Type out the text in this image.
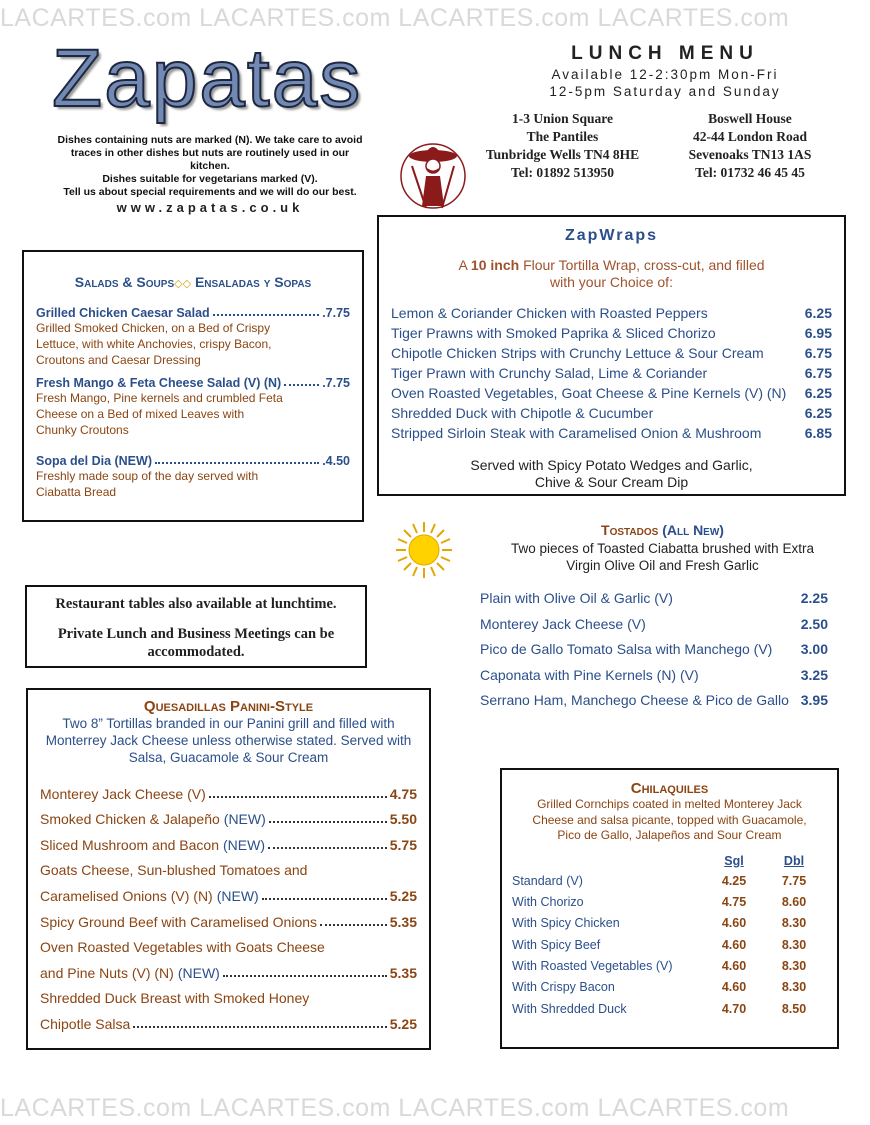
LACARTES.com LACARTES.com LACARTES.com LACARTES.com
LACARTES.com LACARTES.com LACARTES.com LACARTES.com
Zapatas
Dishes containing nuts are marked (N). We take care to avoid
traces in other dishes but nuts are routinely used in our
kitchen.
Dishes suitable for vegetarians marked (V).
Tell us about special requirements and we will do our best.
www.zapatas.co.uk
LUNCH MENU
Available 12-2:30pm Mon-Fri
12-5pm Saturday and Sunday
1-3 Union Square
The Pantiles
Tunbridge Wells TN4 8HE
Tel: 01892 513950
Boswell House
42-44 London Road
Sevenoaks TN13 1AS
Tel: 01732 46 45 45
Salads & Soups◇◇ Ensaladas y Sopas
Grilled Chicken Caesar Salad	.7.75
Grilled Smoked Chicken, on a Bed of Crispy
Lettuce, with white Anchovies, crispy Bacon,
Croutons and Caesar Dressing
Fresh Mango & Feta Cheese Salad (V) (N)	.7.75
Fresh Mango, Pine kernels and crumbled Feta
Cheese on a Bed of mixed Leaves with
Chunky Croutons
Sopa del Dia (NEW)	.4.50
Freshly made soup of the day served with
Ciabatta Bread
ZapWraps
A 10 inch Flour Tortilla Wrap, cross-cut, and filled
with your Choice of:
Lemon & Coriander Chicken with Roasted Peppers	6.25
Tiger Prawns with Smoked Paprika & Sliced Chorizo	6.95
Chipotle Chicken Strips with Crunchy Lettuce & Sour Cream	6.75
Tiger Prawn with Crunchy Salad, Lime & Coriander	6.75
Oven Roasted Vegetables, Goat Cheese & Pine Kernels (V) (N) 6.25
Shredded Duck with Chipotle & Cucumber	6.25
Stripped Sirloin Steak with Caramelised Onion & Mushroom	6.85
Served with Spicy Potato Wedges and Garlic,
Chive & Sour Cream Dip
Tostados (All New)
Two pieces of Toasted Ciabatta brushed with Extra
Virgin Olive Oil and Fresh Garlic
Plain with Olive Oil & Garlic (V)	2.25
Monterey Jack Cheese (V)	2.50
Pico de Gallo Tomato Salsa with Manchego (V) 3.00
Caponata with Pine Kernels (N) (V)	3.25
Serrano Ham, Manchego Cheese & Pico de Gallo 3.95
Restaurant tables also available at lunchtime.
Private Lunch and Business Meetings can be
accommodated.
Quesadillas Panini-Style
Two 8” Tortillas branded in our Panini grill and filled with
Monterrey Jack Cheese unless otherwise stated. Served with
Salsa, Guacamole & Sour Cream
Monterey Jack Cheese (V)	4.75
Smoked Chicken & Jalapeño (NEW)	5.50
Sliced Mushroom and Bacon (NEW)	5.75
Goats Cheese, Sun-blushed Tomatoes and
Caramelised Onions (V) (N) (NEW)	5.25
Spicy Ground Beef with Caramelised Onions	5.35
Oven Roasted Vegetables with Goats Cheese
and Pine Nuts (V) (N) (NEW)	5.35
Shredded Duck Breast with Smoked Honey
Chipotle Salsa	5.25
Chilaquiles
Grilled Cornchips coated in melted Monterey Jack
Cheese and salsa picante, topped with Guacamole,
Pico de Gallo, Jalapeños and Sour Cream
Sgl	Dbl
Standard (V)	4.25	7.75
With Chorizo	4.75	8.60
With Spicy Chicken	4.60	8.30
With Spicy Beef	4.60	8.30
With Roasted Vegetables (V)	4.60	8.30
With Crispy Bacon	4.60	8.30
With Shredded Duck	4.70	8.50
